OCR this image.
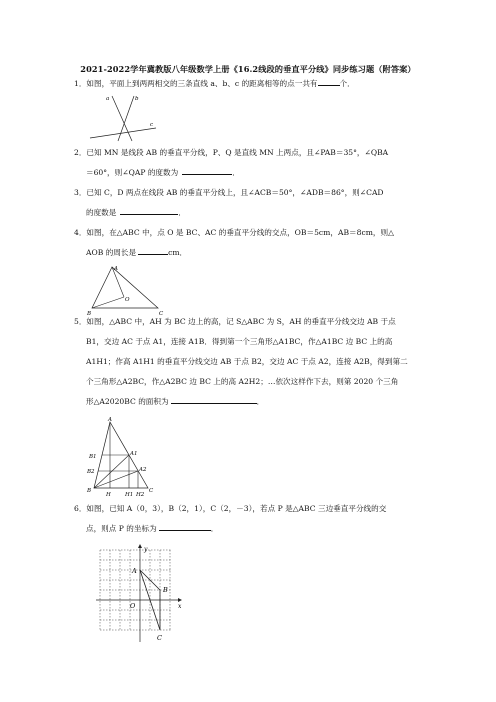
2021-2022学年冀教版八年级数学上册《16.2线段的垂直平分线》同步练习题（附答案）
1．如图，平面上到两两相交的三条直线 a、b、c 的距离相等的点一共有	个．
a	b
c
2．已知 MN 是线段 AB 的垂直平分线，P、Q 是直线 MN 上两点，且∠PAB＝35°，∠QBA
＝60°，则∠QAP 的度数为	．
3．已知 C，D 两点在线段 AB 的垂直平分线上，且∠ACB＝50°，∠ADB＝86°，则∠CAD
的度数是	．
4．如图，在△ABC 中，点 O 是 BC、AC 的垂直平分线的交点，OB＝5cm，AB＝8cm，则△
AOB 的周长是	cm．
A
B	C
O
5．如图，△ABC 中，AH 为 BC 边上的高，记 S△ABC 为 S，AH 的垂直平分线交边 AB 于点
B1，交边 AC 于点 A1，连接 A1B．得到第一个三角形△A1BC，作△A1BC 边 BC 上的高
A1H1；作高 A1H1 的垂直平分线交边 AB 于点 B2，交边 AC 于点 A2，连接 A2B，得到第二
个三角形△A2BC，作△A2BC 边 BC 上的高 A2H2；…依次这样作下去，则第 2020 个三角
形△A2020BC 的面积为	．
A
A1
A2
B1
B2
B	C
H	H1 H2
6．如图，已知 A（0，3），B（2，1），C（2，－3），若点 P 是△ABC 三边垂直平分线的交
点，则点 P 的坐标为	．
y
x
A
B
C
O
